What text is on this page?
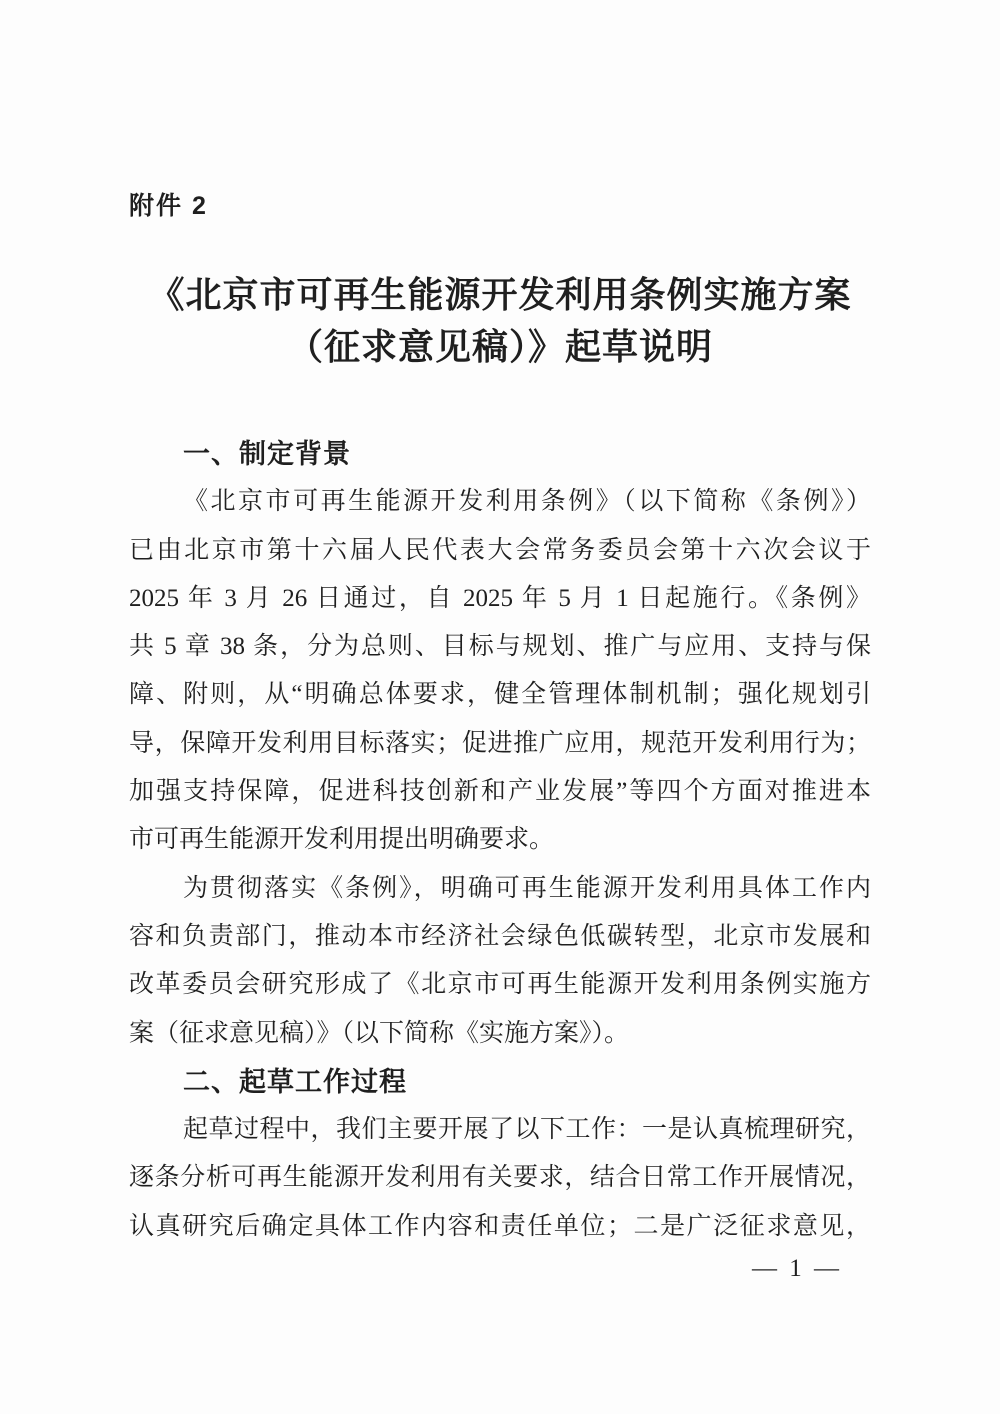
附件 2
《北京市可再生能源开发利用条例实施方案
（征求意见稿）》起草说明
一、制定背景
《北京市可再生能源开发利用条例》（以下简称《条例》）
已由北京市第十六届人民代表大会常务委员会第十六次会议于
2025 年 3 月 26 日通过，自 2025 年 5 月 1 日起施行。《条例》
共 5 章 38 条，分为总则、目标与规划、推广与应用、支持与保
障、附则，从“明确总体要求，健全管理体制机制；强化规划引
导，保障开发利用目标落实；促进推广应用，规范开发利用行为；
加强支持保障，促进科技创新和产业发展”等四个方面对推进本
市可再生能源开发利用提出明确要求。
为贯彻落实《条例》，明确可再生能源开发利用具体工作内
容和负责部门，推动本市经济社会绿色低碳转型，北京市发展和
改革委员会研究形成了《北京市可再生能源开发利用条例实施方
案（征求意见稿）》（以下简称《实施方案》）。
二、起草工作过程
起草过程中，我们主要开展了以下工作：一是认真梳理研究，
逐条分析可再生能源开发利用有关要求，结合日常工作开展情况，
认真研究后确定具体工作内容和责任单位；二是广泛征求意见，
— 1 —
